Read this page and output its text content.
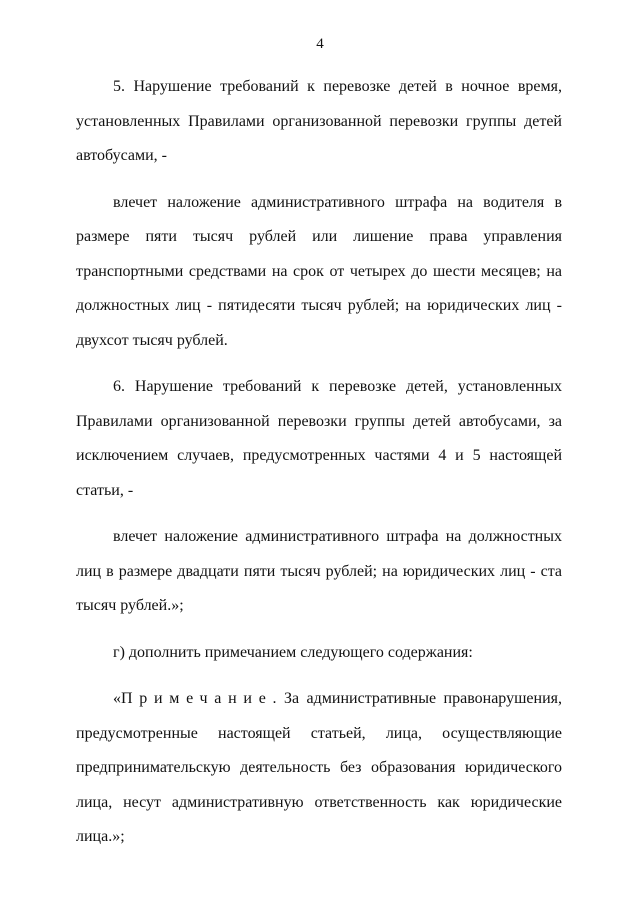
4

5. Нарушение требований к перевозке детей в ночное время, установленных Правилами организованной перевозки группы детей автобусами, -

влечет наложение административного штрафа на водителя в размере пяти тысяч рублей или лишение права управления транспортными средствами на срок от четырех до шести месяцев; на должностных лиц - пятидесяти тысяч рублей; на юридических лиц - двухсот тысяч рублей.

6. Нарушение требований к перевозке детей, установленных Правилами организованной перевозки группы детей автобусами, за исключением случаев, предусмотренных частями 4 и 5 настоящей статьи, -

влечет наложение административного штрафа на должностных лиц в размере двадцати пяти тысяч рублей; на юридических лиц - ста тысяч рублей.»;

г) дополнить примечанием следующего содержания:

«Примечание. За административные правонарушения, предусмотренные настоящей статьей, лица, осуществляющие предпринимательскую деятельность без образования юридического лица, несут административную ответственность как юридические лица.»;
